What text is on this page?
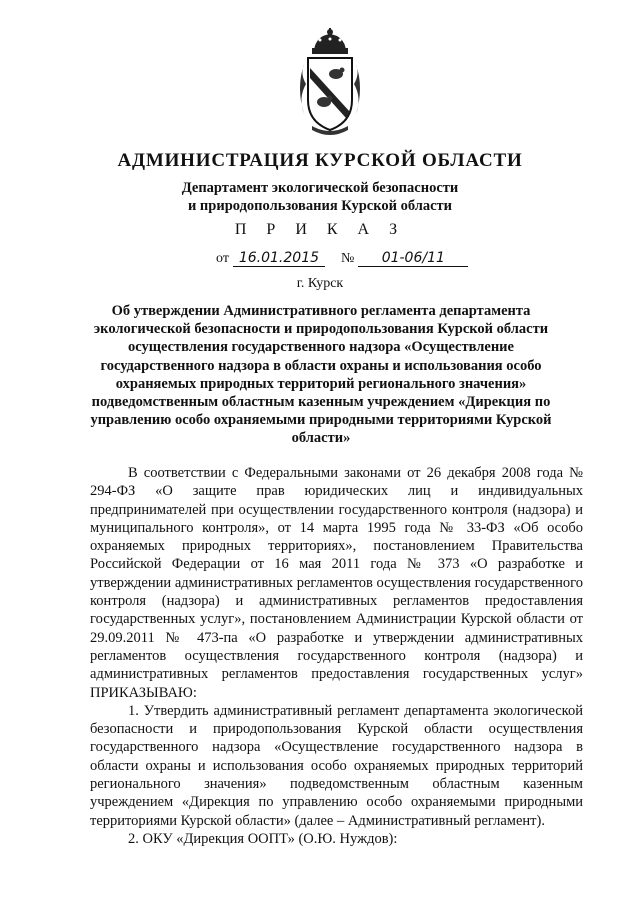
АДМИНИСТРАЦИЯ КУРСКОЙ ОБЛАСТИ
Департамент экологической безопасности
и природопользования Курской области
П Р И К А З
от 16.01.2015 № 01-06/11
г. Курск
Об утверждении Административного регламента департамента экологической безопасности и природопользования Курской области осуществления государственного надзора «Осуществление государственного надзора в области охраны и использования особо охраняемых природных территорий регионального значения» подведомственным областным казенным учреждением «Дирекция по управлению особо охраняемыми природными территориями Курской области»

В соответствии с Федеральными законами от 26 декабря 2008 года № 294-ФЗ «О защите прав юридических лиц и индивидуальных предпринимателей при осуществлении государственного контроля (надзора) и муниципального контроля», от 14 марта 1995 года № 33-ФЗ «Об особо охраняемых природных территориях», постановлением Правительства Российской Федерации от 16 мая 2011 года № 373 «О разработке и утверждении административных регламентов осуществления государственного контроля (надзора) и административных регламентов предоставления государственных услуг», постановлением Администрации Курской области от 29.09.2011 № 473-па «О разработке и утверждении административных регламентов осуществления государственного контроля (надзора) и административных регламентов предоставления государственных услуг» ПРИКАЗЫВАЮ:

1. Утвердить административный регламент департамента экологической безопасности и природопользования Курской области осуществления государственного надзора «Осуществление государственного надзора в области охраны и использования особо охраняемых природных территорий регионального значения» подведомственным областным казенным учреждением «Дирекция по управлению особо охраняемыми природными территориями Курской области» (далее – Административный регламент).

2. ОКУ «Дирекция ООПТ» (О.Ю. Нуждов):
